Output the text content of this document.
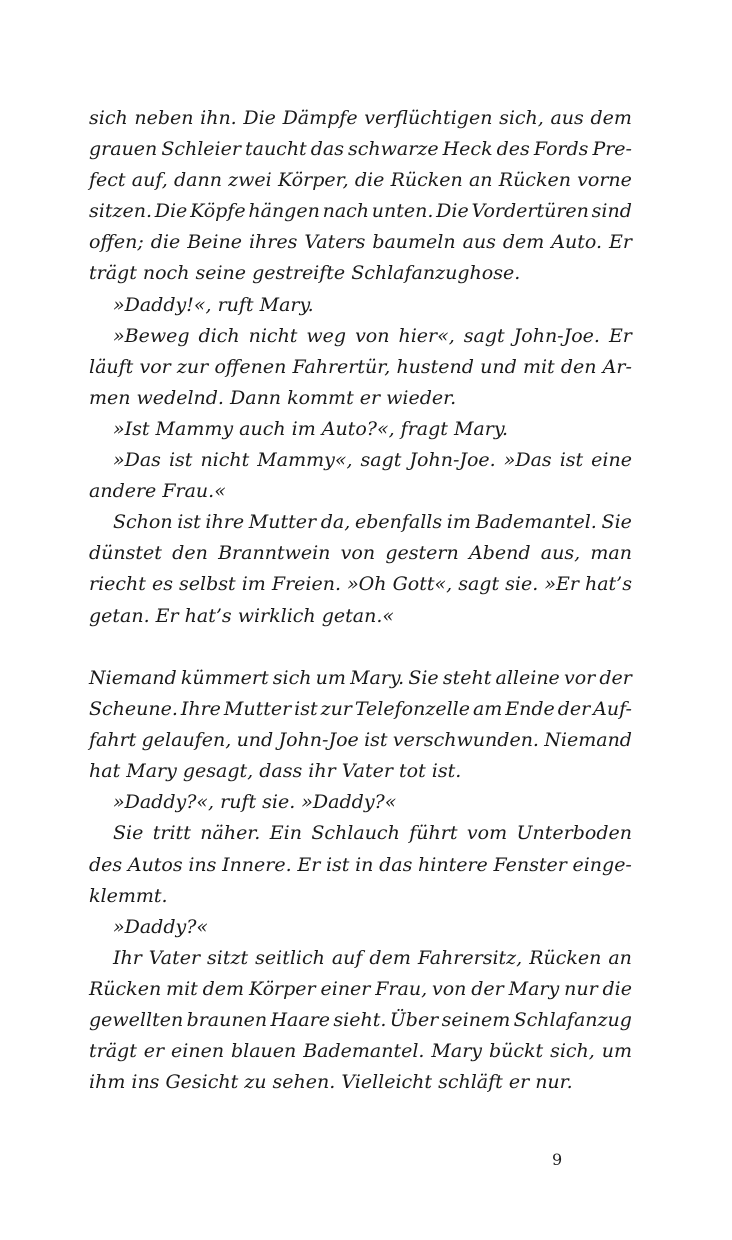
sich neben ihn. Die Dämpfe verflüchtigen sich, aus dem
grauen Schleier taucht das schwarze Heck des Fords Pre-
fect auf, dann zwei Körper, die Rücken an Rücken vorne
sitzen. Die Köpfe hängen nach unten. Die Vordertüren sind
offen; die Beine ihres Vaters baumeln aus dem Auto. Er
trägt noch seine gestreifte Schlafanzughose.
»Daddy!«, ruft Mary.
»Beweg dich nicht weg von hier«, sagt John-Joe. Er
läuft vor zur offenen Fahrertür, hustend und mit den Ar-
men wedelnd. Dann kommt er wieder.
»Ist Mammy auch im Auto?«, fragt Mary.
»Das ist nicht Mammy«, sagt John-Joe. »Das ist eine
andere Frau.«
Schon ist ihre Mutter da, ebenfalls im Bademantel. Sie
dünstet den Branntwein von gestern Abend aus, man
riecht es selbst im Freien. »Oh Gott«, sagt sie. »Er hat’s
getan. Er hat’s wirklich getan.«
Niemand kümmert sich um Mary. Sie steht alleine vor der
Scheune. Ihre Mutter ist zur Telefonzelle am Ende der Auf-
fahrt gelaufen, und John-Joe ist verschwunden. Niemand
hat Mary gesagt, dass ihr Vater tot ist.
»Daddy?«, ruft sie. »Daddy?«
Sie tritt näher. Ein Schlauch führt vom Unterboden
des Autos ins Innere. Er ist in das hintere Fenster einge-
klemmt.
»Daddy?«
Ihr Vater sitzt seitlich auf dem Fahrersitz, Rücken an
Rücken mit dem Körper einer Frau, von der Mary nur die
gewellten braunen Haare sieht. Über seinem Schlafanzug
trägt er einen blauen Bademantel. Mary bückt sich, um
ihm ins Gesicht zu sehen. Vielleicht schläft er nur.
9
